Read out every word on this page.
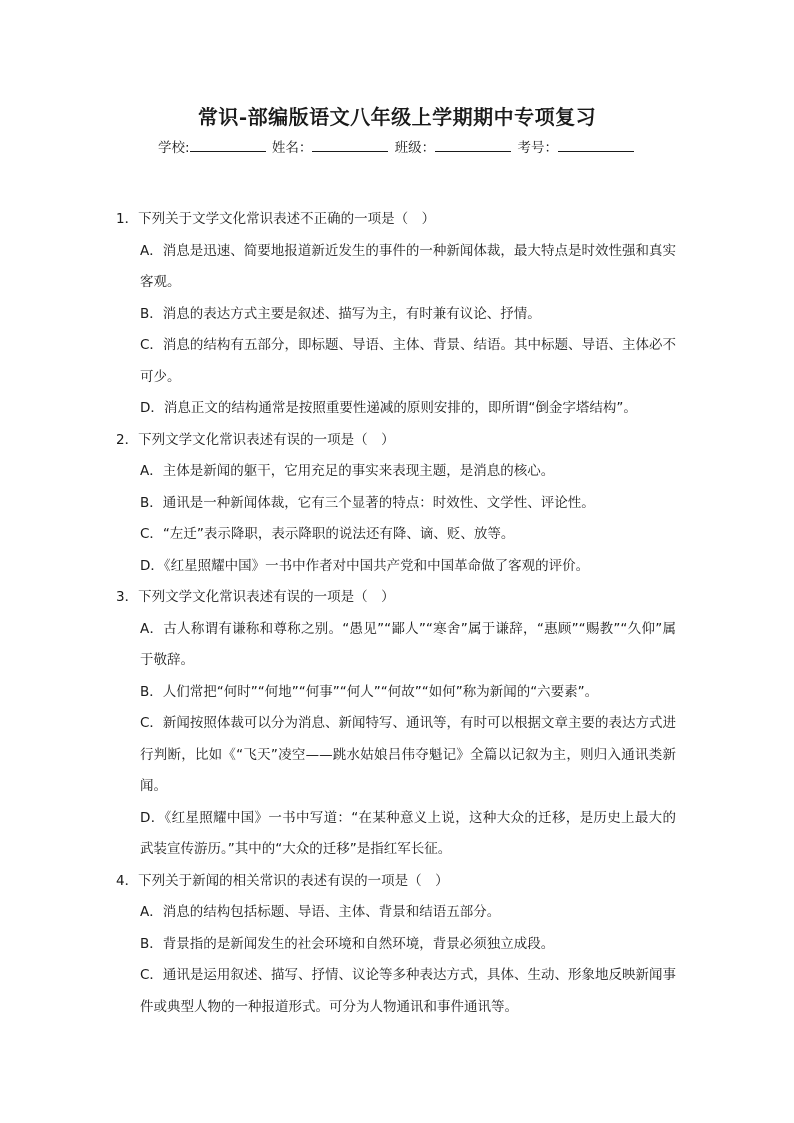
常识-部编版语文八年级上学期期中专项复习
学校:	姓名：	班级：	考号：
1．下列关于文学文化常识表述不正确的一项是（　）
A．消息是迅速、简要地报道新近发生的事件的一种新闻体裁，最大特点是时效性强和真实客观。
B．消息的表达方式主要是叙述、描写为主，有时兼有议论、抒情。
C．消息的结构有五部分，即标题、导语、主体、背景、结语。其中标题、导语、主体必不可少。
D．消息正文的结构通常是按照重要性递减的原则安排的，即所谓“倒金字塔结构”。
2．下列文学文化常识表述有误的一项是（　）
A．主体是新闻的躯干，它用充足的事实来表现主题，是消息的核心。
B．通讯是一种新闻体裁，它有三个显著的特点：时效性、文学性、评论性。
C．“左迁”表示降职，表示降职的说法还有降、谪、贬、放等。
D．《红星照耀中国》一书中作者对中国共产党和中国革命做了客观的评价。
3．下列文学文化常识表述有误的一项是（　）
A．古人称谓有谦称和尊称之别。“愚见”“鄙人”“寒舍”属于谦辞，“惠顾”“赐教”“久仰”属于敬辞。
B．人们常把“何时”“何地”“何事”“何人”“何故”“如何”称为新闻的“六要素”。
C．新闻按照体裁可以分为消息、新闻特写、通讯等，有时可以根据文章主要的表达方式进行判断，比如《“飞天”凌空——跳水姑娘吕伟夺魁记》全篇以记叙为主，则归入通讯类新闻。
D．《红星照耀中国》一书中写道：“在某种意义上说，这种大众的迁移，是历史上最大的武装宣传游历。”其中的“大众的迁移”是指红军长征。
4．下列关于新闻的相关常识的表述有误的一项是（　）
A．消息的结构包括标题、导语、主体、背景和结语五部分。
B．背景指的是新闻发生的社会环境和自然环境，背景必须独立成段。
C．通讯是运用叙述、描写、抒情、议论等多种表达方式，具体、生动、形象地反映新闻事件或典型人物的一种报道形式。可分为人物通讯和事件通讯等。
